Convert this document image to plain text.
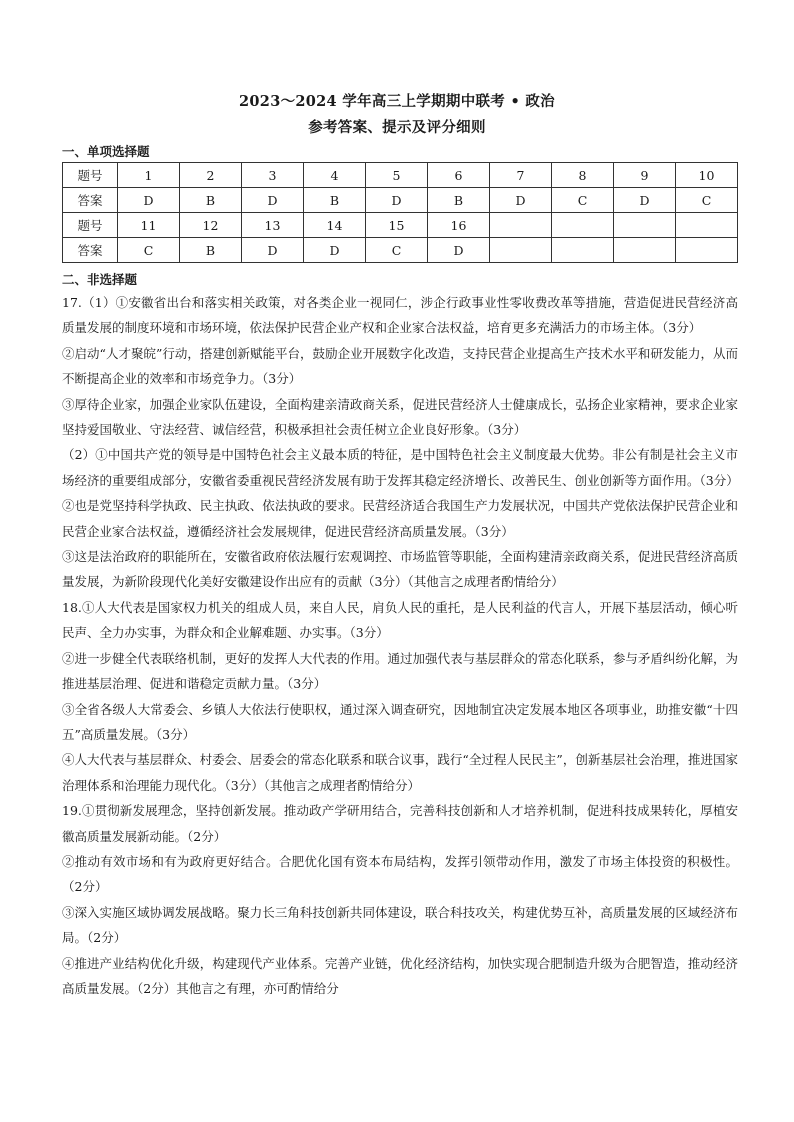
2023～2024 学年高三上学期期中联考 • 政治
参考答案、提示及评分细则
一、单项选择题
题号	1	2	3	4	5	6	7	8	9	10
答案	D	B	D	B	D	B	D	C	D	C
题号	11	12	13	14	15	16				
答案	C	B	D	D	C	D				
二、非选择题

17.（1）①安徽省出台和落实相关政策，对各类企业一视同仁，涉企行政事业性零收费改革等措施，营造促进民营经济高质量发展的制度环境和市场环境，依法保护民营企业产权和企业家合法权益，培育更多充满活力的市场主体。（3分）

②启动“人才聚皖”行动，搭建创新赋能平台，鼓励企业开展数字化改造，支持民营企业提高生产技术水平和研发能力，从而不断提高企业的效率和市场竞争力。（3分）

③厚待企业家，加强企业家队伍建设，全面构建亲清政商关系，促进民营经济人士健康成长，弘扬企业家精神，要求企业家坚持爱国敬业、守法经营、诚信经营，积极承担社会责任树立企业良好形象。（3分）

（2）①中国共产党的领导是中国特色社会主义最本质的特征，是中国特色社会主义制度最大优势。非公有制是社会主义市场经济的重要组成部分，安徽省委重视民营经济发展有助于发挥其稳定经济增长、改善民生、创业创新等方面作用。（3分）

②也是党坚持科学执政、民主执政、依法执政的要求。民营经济适合我国生产力发展状况，中国共产党依法保护民营企业和民营企业家合法权益，遵循经济社会发展规律，促进民营经济高质量发展。（3分）

③这是法治政府的职能所在，安徽省政府依法履行宏观调控、市场监管等职能，全面构建清亲政商关系，促进民营经济高质量发展，为新阶段现代化美好安徽建设作出应有的贡献（3分）（其他言之成理者酌情给分）

18.①人大代表是国家权力机关的组成人员，来自人民，肩负人民的重托，是人民利益的代言人，开展下基层活动，倾心听民声、全力办实事，为群众和企业解难题、办实事。（3分）

②进一步健全代表联络机制，更好的发挥人大代表的作用。通过加强代表与基层群众的常态化联系，参与矛盾纠纷化解，为推进基层治理、促进和谐稳定贡献力量。（3分）

③全省各级人大常委会、乡镇人大依法行使职权，通过深入调查研究，因地制宜决定发展本地区各项事业，助推安徽“十四五”高质量发展。（3分）

④人大代表与基层群众、村委会、居委会的常态化联系和联合议事，践行“全过程人民民主”，创新基层社会治理，推进国家治理体系和治理能力现代化。（3分）（其他言之成理者酌情给分）

19.①贯彻新发展理念，坚持创新发展。推动政产学研用结合，完善科技创新和人才培养机制，促进科技成果转化，厚植安徽高质量发展新动能。（2分）

②推动有效市场和有为政府更好结合。合肥优化国有资本布局结构，发挥引领带动作用，激发了市场主体投资的积极性。（2分）

③深入实施区域协调发展战略。聚力长三角科技创新共同体建设，联合科技攻关，构建优势互补，高质量发展的区域经济布局。（2分）

④推进产业结构优化升级，构建现代产业体系。完善产业链，优化经济结构，加快实现合肥制造升级为合肥智造，推动经济高质量发展。（2分）其他言之有理，亦可酌情给分
